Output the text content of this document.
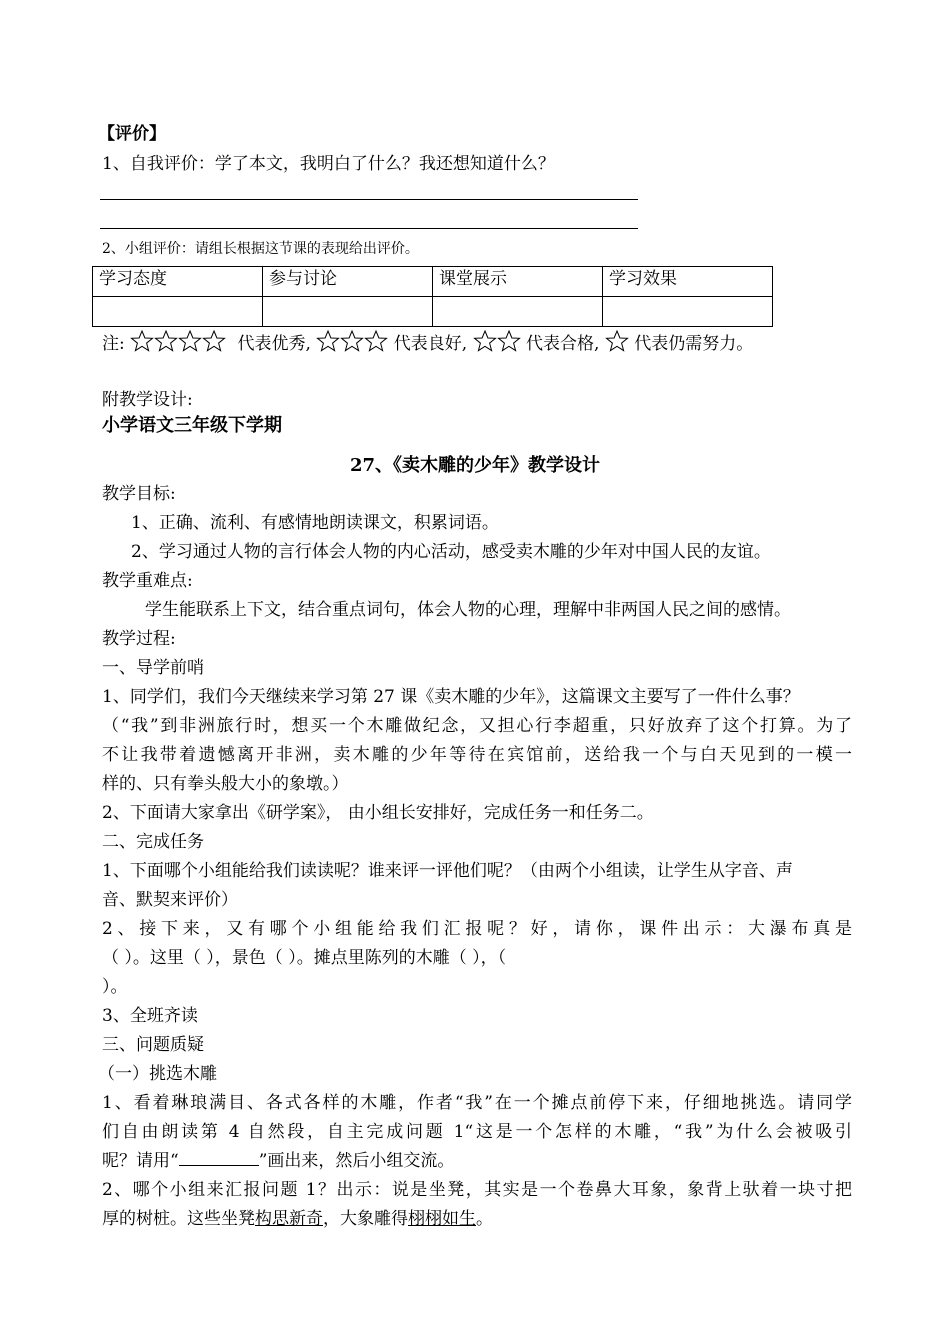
【评价】
1、自我评价：学了本文，我明白了什么？我还想知道什么？
2、小组评价：请组长根据这节课的表现给出评价。
学习态度	参与讨论	课堂展示	学习效果

注:	代表优秀,	代表良好,	代表合格, 代表仍需努力。
附教学设计:
小学语文三年级下学期
27、《卖木雕的少年》教学设计
教学目标:
1、正确、流利、有感情地朗读课文，积累词语。
2、学习通过人物的言行体会人物的内心活动，感受卖木雕的少年对中国人民的友谊。
教学重难点:
学生能联系上下文，结合重点词句，体会人物的心理，理解中非两国人民之间的感情。
教学过程:
一、导学前哨
1、同学们，我们今天继续来学习第 27 课《卖木雕的少年》，这篇课文主要写了一件什么事？
（“我”到非洲旅行时，想买一个木雕做纪念，又担心行李超重，只好放弃了这个打算。为了
不让我带着遗憾离开非洲，卖木雕的少年等待在宾馆前，送给我一个与白天见到的一模一
样的、只有拳头般大小的象墩。）
2、下面请大家拿出《研学案》， 由小组长安排好，完成任务一和任务二。
二、完成任务
1、下面哪个小组能给我们读读呢？谁来评一评他们呢？（由两个小组读，让学生从字音、声
音、默契来评价）
2、接下来，又有哪个小组能给我们汇报呢？好，请你，课件出示：大瀑布真是
（ ）。这里（ ），景色（ ）。摊点里陈列的木雕（ ），（
）。
3、全班齐读
三、问题质疑
（一）挑选木雕
1、看着琳琅满目、各式各样的木雕，作者“我”在一个摊点前停下来，仔细地挑选。请同学
们自由朗读第 4 自然段，自主完成问题 1“这是一个怎样的木雕，“我”为什么会被吸引
呢？请用“	”画出来，然后小组交流。
2、哪个小组来汇报问题 1？出示：说是坐凳，其实是一个卷鼻大耳象，象背上驮着一块寸把
厚的树桩。这些坐凳构思新奇，大象雕得栩栩如生。
